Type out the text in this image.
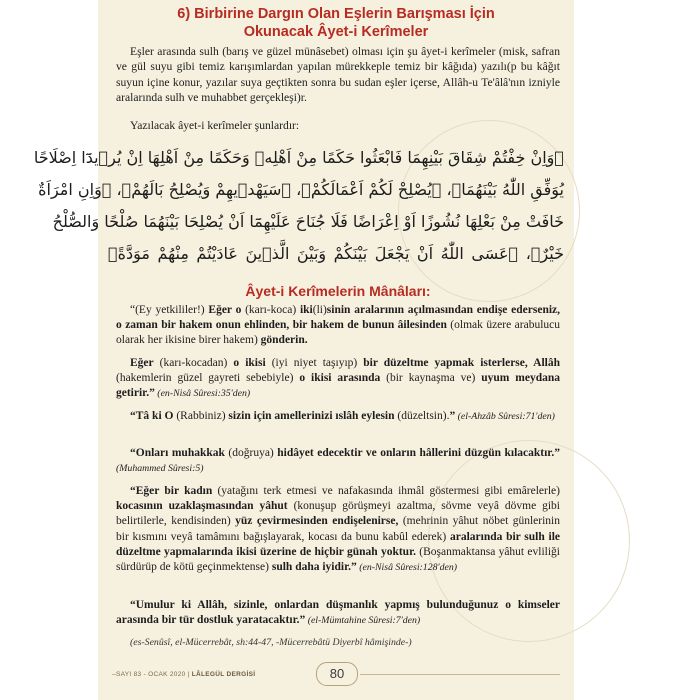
6) Birbirine Dargın Olan Eşlerin Barışması İçin
Okunacak Âyet-i Kerîmeler

Eşler arasında sulh (barış ve güzel münâsebet) olması için şu âyet-i kerîmeler (misk, safran ve gül suyu gibi temiz karışımlardan yapılan mürekkeple temiz bir kâğıda) yazılı(p bu kâğıt suyun içine konur, yazılar suya geçtikten sonra bu sudan eşler içerse, Allâh-u Te'âlâ'nın izniyle aralarında sulh ve muhabbet gerçekleşi)r.

Yazılacak âyet-i kerîmeler şunlardır:

﴿وَاِنْ خِفْتُمْ شِقَاقَ بَيْنِهِمَا فَابْعَثُوا حَكَمًا مِنْ اَهْلِهٖ وَحَكَمًا مِنْ اَهْلِهَا اِنْ يُر۪يدَٓا اِصْلَاحًا
يُوَفِّقِ اللّٰهُ بَيْنَهُمَا﴾، ﴿يُصْلِحْ لَكُمْ اَعْمَالَكُمْ﴾، ﴿سَيَهْد۪يهِمْ وَيُصْلِحُ بَالَهُمْ﴾، ﴿وَاِنِ امْرَاَةٌ
خَافَتْ مِنْ بَعْلِهَا نُشُوزًا اَوْ اِعْرَاضًا فَلَا جُنَاحَ عَلَيْهِمَٓا اَنْ يُصْلِحَا بَيْنَهُمَا صُلْحًا وَالصُّلْحُ
خَيْرٌ﴾، ﴿عَسَى اللّٰهُ اَنْ يَجْعَلَ بَيْنَكُمْ وَبَيْنَ الَّذ۪ينَ عَادَيْتُمْ مِنْهُمْ مَوَدَّةً﴾
Âyet-i Kerîmelerin Mânâları:

“(Ey yetkililer!) Eğer o (karı-koca) iki(li)sinin aralarının açılmasından endişe ederseniz, o zaman bir hakem onun ehlinden, bir hakem de bunun âilesinden (olmak üzere arabulucu olarak her ikisine birer hakem) gönderin.

Eğer (karı-kocadan) o ikisi (iyi niyet taşıyıp) bir düzeltme yapmak isterlerse, Allâh (hakemlerin güzel gayreti sebebiyle) o ikisi arasında (bir kaynaşma ve) uyum meydana getirir.” (en-Nisâ Sûresi:35'den)

“Tâ ki O (Rabbiniz) sizin için amellerinizi ıslâh eylesin (düzeltsin).” (el-Ahzâb Sûresi:71'den)

“Onları muhakkak (doğruya) hidâyet edecektir ve onların hâllerini düzgün kılacaktır.” (Muhammed Sûresi:5)

“Eğer bir kadın (yatağını terk etmesi ve nafakasında ihmâl göstermesi gibi emârelerle) kocasının uzaklaşmasından yâhut (konuşup görüşmeyi azaltma, sövme veyâ dövme gibi belirtilerle, kendisinden) yüz çevirmesinden endişelenirse, (mehrinin yâhut nöbet günlerinin bir kısmını veyâ tamâmını bağışlayarak, kocası da bunu kabûl ederek) aralarında bir sulh ile düzeltme yapmalarında ikisi üzerine de hiçbir günah yoktur. (Boşanmaktansa yâhut evliliği sürdürüp de kötü geçinmektense) sulh daha iyidir.” (en-Nisâ Sûresi:128'den)

“Umulur ki Allâh, sizinle, onlardan düşmanlık yapmış bulunduğunuz o kimseler arasında bir tür dostluk yaratacaktır.” (el-Mümtahine Sûresi:7'den)

(es-Senûsî, el-Mücerrebât, sh:44-47, -Mücerrebâtü Diyerbî hâmişinde-)

SAYI 83 - OCAK 2020 | LÂLEGÜL DERGİSİ	80
